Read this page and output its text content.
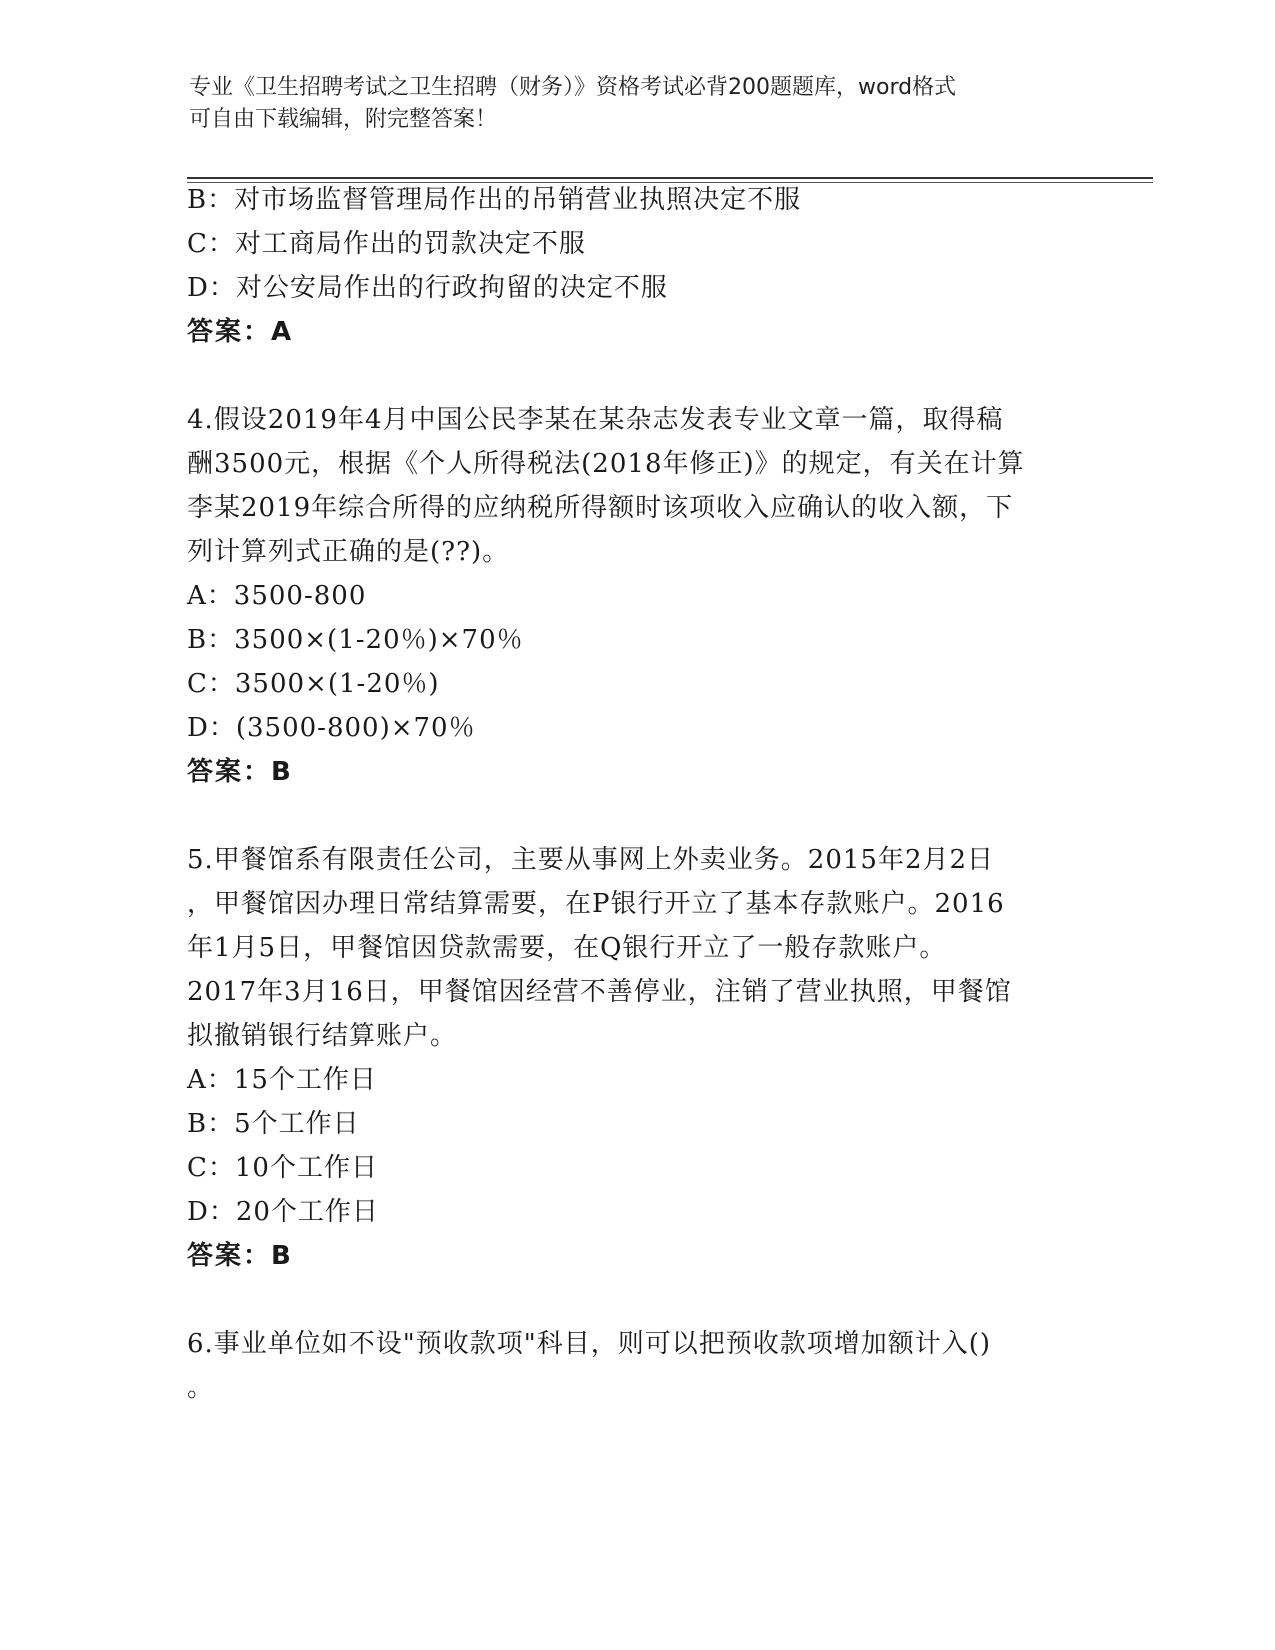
专业《卫生招聘考试之卫生招聘（财务）》资格考试必背200题题库，word格式
可自由下载编辑，附完整答案！
B：对市场监督管理局作出的吊销营业执照决定不服
C：对工商局作出的罚款决定不服
D：对公安局作出的行政拘留的决定不服
答案：A
4.假设2019年4月中国公民李某在某杂志发表专业文章一篇，取得稿
酬3500元，根据《个人所得税法(2018年修正)》的规定，有关在计算
李某2019年综合所得的应纳税所得额时该项收入应确认的收入额，下
列计算列式正确的是(??)。
A：3500-800
B：3500×(1-20％)×70％
C：3500×(1-20％)
D：(3500-800)×70％
答案：B
5.甲餐馆系有限责任公司，主要从事网上外卖业务。2015年2月2日
，甲餐馆因办理日常结算需要，在P银行开立了基本存款账户。2016
年1月5日，甲餐馆因贷款需要，在Q银行开立了一般存款账户。
2017年3月16日，甲餐馆因经营不善停业，注销了营业执照，甲餐馆
拟撤销银行结算账户。
A：15个工作日
B：5个工作日
C：10个工作日
D：20个工作日
答案：B
6.事业单位如不设"预收款项"科目，则可以把预收款项增加额计入()
。
